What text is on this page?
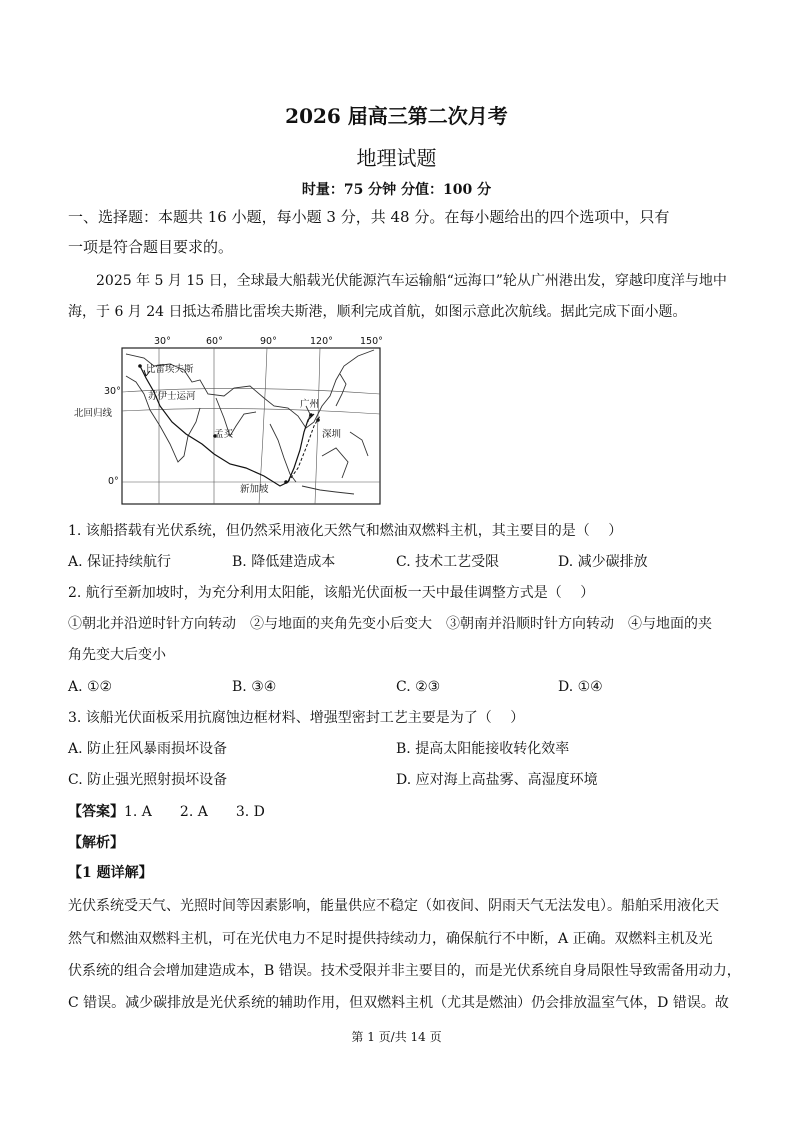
2026 届高三第二次月考
地理试题
时量：75 分钟 分值：100 分
一、选择题：本题共 16 小题，每小题 3 分，共 48 分。在每小题给出的四个选项中，只有
一项是符合题目要求的。
2025 年 5 月 15 日，全球最大船载光伏能源汽车运输船“远海口”轮从广州港出发，穿越印度洋与地中
海，于 6 月 24 日抵达希腊比雷埃夫斯港，顺利完成首航，如图示意此次航线。据此完成下面小题。
30°	60°	90°	120°	150°
30°
0°
北回归线
比雷埃夫斯
苏伊士运河
孟买
广州
深圳
新加坡
1. 该船搭载有光伏系统，但仍然采用液化天然气和燃油双燃料主机，其主要目的是（　 ）
A. 保证持续航行	B. 降低建造成本	C. 技术工艺受限	D. 减少碳排放
2. 航行至新加坡时，为充分利用太阳能，该船光伏面板一天中最佳调整方式是（　 ）
①朝北并沿逆时针方向转动　②与地面的夹角先变小后变大　③朝南并沿顺时针方向转动　④与地面的夹
角先变大后变小
A. ①②	B. ③④	C. ②③	D. ①④
3. 该船光伏面板采用抗腐蚀边框材料、增强型密封工艺主要是为了（　 ）
A. 防止狂风暴雨损坏设备	B. 提高太阳能接收转化效率
C. 防止强光照射损坏设备	D. 应对海上高盐雾、高湿度环境
【答案】1. A　　2. A　　3. D
【解析】
【1 题详解】
光伏系统受天气、光照时间等因素影响，能量供应不稳定（如夜间、阴雨天气无法发电）。船舶采用液化天
然气和燃油双燃料主机，可在光伏电力不足时提供持续动力，确保航行不中断，A 正确。双燃料主机及光
伏系统的组合会增加建造成本，B 错误。技术受限并非主要目的，而是光伏系统自身局限性导致需备用动力，
C 错误。减少碳排放是光伏系统的辅助作用，但双燃料主机（尤其是燃油）仍会排放温室气体，D 错误。故
第 1 页/共 14 页
